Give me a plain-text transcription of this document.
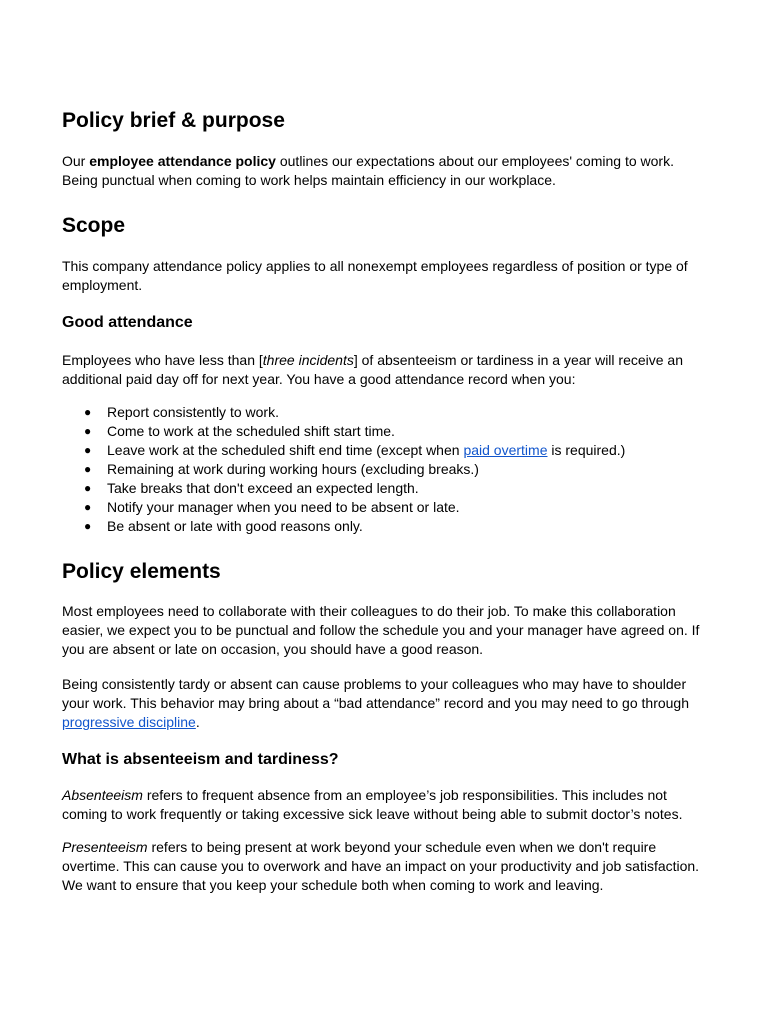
Policy brief & purpose

Our employee attendance policy outlines our expectations about our employees' coming to work.
Being punctual when coming to work helps maintain efficiency in our workplace.

Scope

This company attendance policy applies to all nonexempt employees regardless of position or type of
employment.

Good attendance

Employees who have less than [three incidents] of absenteeism or tardiness in a year will receive an
additional paid day off for next year. You have a good attendance record when you:

● Report consistently to work.
● Come to work at the scheduled shift start time.
● Leave work at the scheduled shift end time (except when paid overtime is required.)
● Remaining at work during working hours (excluding breaks.)
● Take breaks that don't exceed an expected length.
● Notify your manager when you need to be absent or late.
● Be absent or late with good reasons only.
Policy elements

Most employees need to collaborate with their colleagues to do their job. To make this collaboration
easier, we expect you to be punctual and follow the schedule you and your manager have agreed on. If
you are absent or late on occasion, you should have a good reason.

Being consistently tardy or absent can cause problems to your colleagues who may have to shoulder
your work. This behavior may bring about a “bad attendance” record and you may need to go through
progressive discipline.

What is absenteeism and tardiness?

Absenteeism refers to frequent absence from an employee’s job responsibilities. This includes not
coming to work frequently or taking excessive sick leave without being able to submit doctor’s notes.

Presenteeism refers to being present at work beyond your schedule even when we don't require
overtime. This can cause you to overwork and have an impact on your productivity and job satisfaction.
We want to ensure that you keep your schedule both when coming to work and leaving.
